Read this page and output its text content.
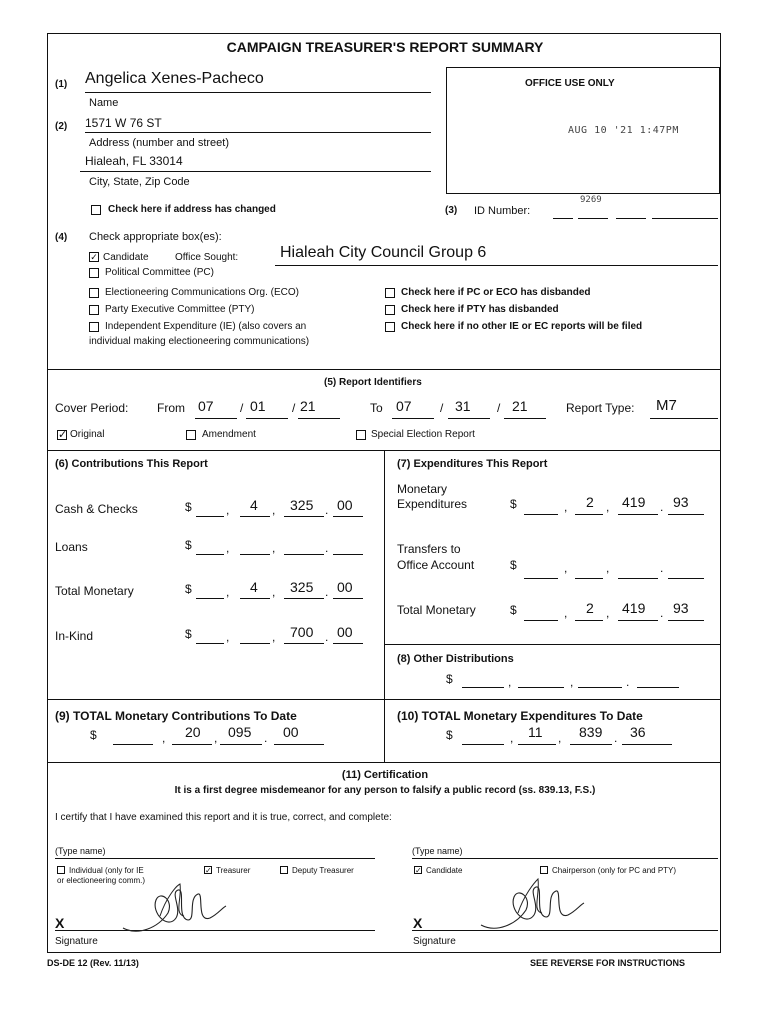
CAMPAIGN TREASURER'S REPORT SUMMARY
(1) Angelica Xenes-Pacheco
Name
(2) 1571 W 76 ST
Address (number and street)
Hialeah, FL 33014
City, State, Zip Code
Check here if address has changed
OFFICE USE ONLY
AUG 10 '21 1:47PM
(3) ID Number:
9269
(4) Check appropriate box(es):
✓ Candidate	Office Sought:	Hialeah City Council Group 6
Political Committee (PC)
Electioneering Communications Org. (ECO)
Party Executive Committee (PTY)
Independent Expenditure (IE) (also covers an
individual making electioneering communications)
Check here if PC or ECO has disbanded
Check here if PTY has disbanded
Check here if no other IE or EC reports will be filed
(5) Report Identifiers
Cover Period: From 07 / 01 / 21	To 07 / 31 / 21	Report Type: M7
✓ Original	Amendment	Special Election Report
(6) Contributions This Report
Cash & Checks	$	, 4 , 325 . 00
Loans	$	,	,	.
Total Monetary	$	, 4 , 325 . 00
In-Kind	$	,	, 700 . 00
(7) Expenditures This Report
Monetary
Expenditures	$	, 2 , 419 . 93
Transfers to
Office Account	$	,	,	.
Total Monetary	$	, 2 , 419 . 93
(8) Other Distributions
$	,	,	.
(9) TOTAL Monetary Contributions To Date
$	, 20 , 095 . 00
(10) TOTAL Monetary Expenditures To Date
$	, 11 , 839 . 36
(11) Certification
It is a first degree misdemeanor for any person to falsify a public record (ss. 839.13, F.S.)
I certify that I have examined this report and it is true, correct, and complete:
(Type name)
Individual (only for IE
or electioneering comm.)
✓ Treasurer	Deputy Treasurer
X
Signature
(Type name)
✓ Candidate	Chairperson (only for PC and PTY)
X
Signature
DS-DE 12 (Rev. 11/13)	SEE REVERSE FOR INSTRUCTIONS
